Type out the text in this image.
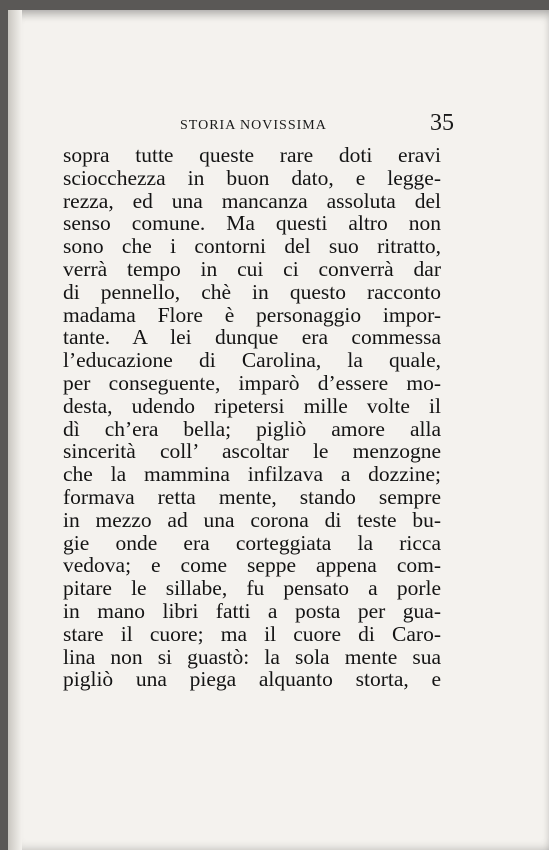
STORIA NOVISSIMA	35
sopra tutte queste rare doti eravi
sciocchezza in buon dato, e legge-
rezza, ed una mancanza assoluta del
senso comune. Ma questi altro non
sono che i contorni del suo ritratto,
verrà tempo in cui ci converrà dar
di pennello, chè in questo racconto
madama Flore è personaggio impor-
tante. A lei dunque era commessa
l’educazione di Carolina, la quale,
per conseguente, imparò d’essere mo-
desta, udendo ripetersi mille volte il
dì ch’era bella; pigliò amore alla
sincerità coll’ ascoltar le menzogne
che la mammina infilzava a dozzine;
formava retta mente, stando sempre
in mezzo ad una corona di teste bu-
gie onde era corteggiata la ricca
vedova; e come seppe appena com-
pitare le sillabe, fu pensato a porle
in mano libri fatti a posta per gua-
stare il cuore; ma il cuore di Caro-
lina non si guastò: la sola mente sua
pigliò una piega alquanto storta, e
